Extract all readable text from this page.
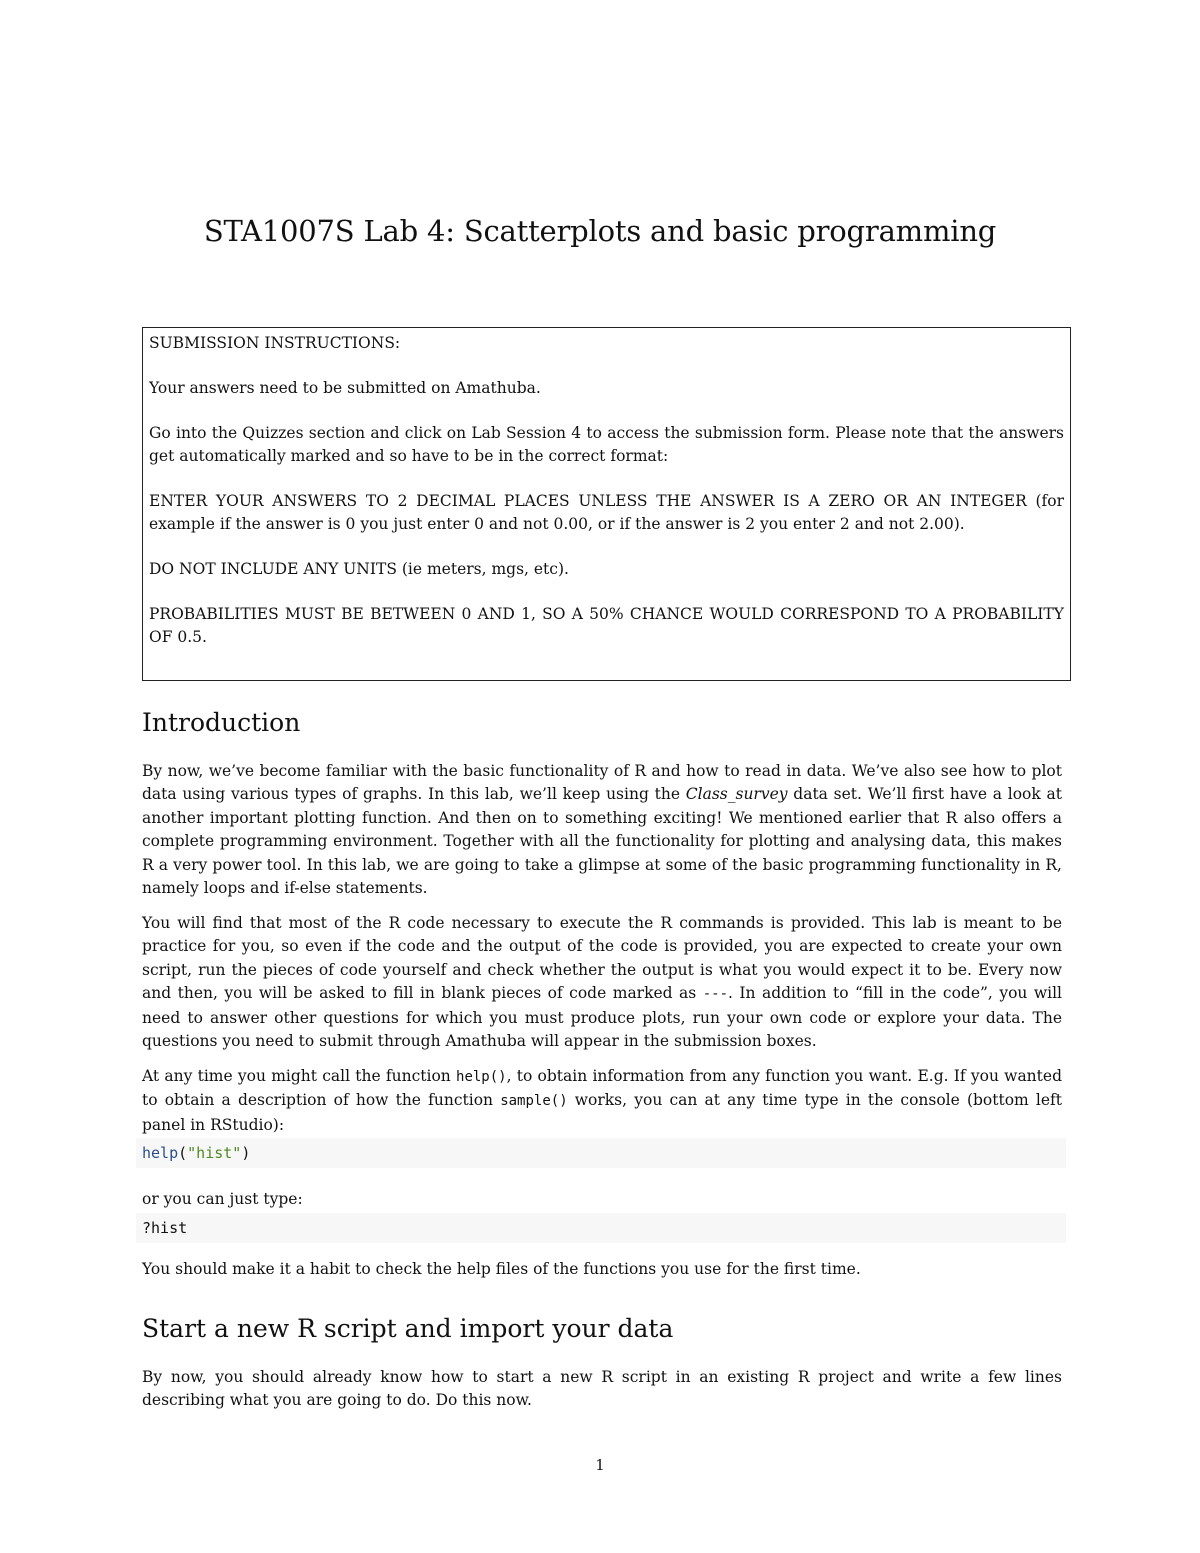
STA1007S Lab 4: Scatterplots and basic programming

SUBMISSION INSTRUCTIONS:

Your answers need to be submitted on Amathuba.

Go into the Quizzes section and click on Lab Session 4 to access the submission form. Please note that the answers get automatically marked and so have to be in the correct format:

ENTER YOUR ANSWERS TO 2 DECIMAL PLACES UNLESS THE ANSWER IS A ZERO OR AN INTEGER (for example if the answer is 0 you just enter 0 and not 0.00, or if the answer is 2 you enter 2 and not 2.00).

DO NOT INCLUDE ANY UNITS (ie meters, mgs, etc).

PROBABILITIES MUST BE BETWEEN 0 AND 1, SO A 50% CHANCE WOULD CORRESPOND TO A PROBABILITY OF 0.5.

Introduction

By now, we’ve become familiar with the basic functionality of R and how to read in data. We’ve also see how to plot data using various types of graphs. In this lab, we’ll keep using the Class_survey data set. We’ll first have a look at another important plotting function. And then on to something exciting! We mentioned earlier that R also offers a complete programming environment. Together with all the functionality for plotting and analysing data, this makes R a very power tool. In this lab, we are going to take a glimpse at some of the basic programming functionality in R, namely loops and if-else statements.

You will find that most of the R code necessary to execute the R commands is provided. This lab is meant to be practice for you, so even if the code and the output of the code is provided, you are expected to create your own script, run the pieces of code yourself and check whether the output is what you would expect it to be. Every now and then, you will be asked to fill in blank pieces of code marked as ---. In addition to “fill in the code”, you will need to answer other questions for which you must produce plots, run your own code or explore your data. The questions you need to submit through Amathuba will appear in the submission boxes.

At any time you might call the function help(), to obtain information from any function you want. E.g. If you wanted to obtain a description of how the function sample() works, you can at any time type in the console (bottom left panel in RStudio):

help("hist")

or you can just type:

?hist

You should make it a habit to check the help files of the functions you use for the first time.

Start a new R script and import your data

By now, you should already know how to start a new R script in an existing R project and write a few lines describing what you are going to do. Do this now.

1
